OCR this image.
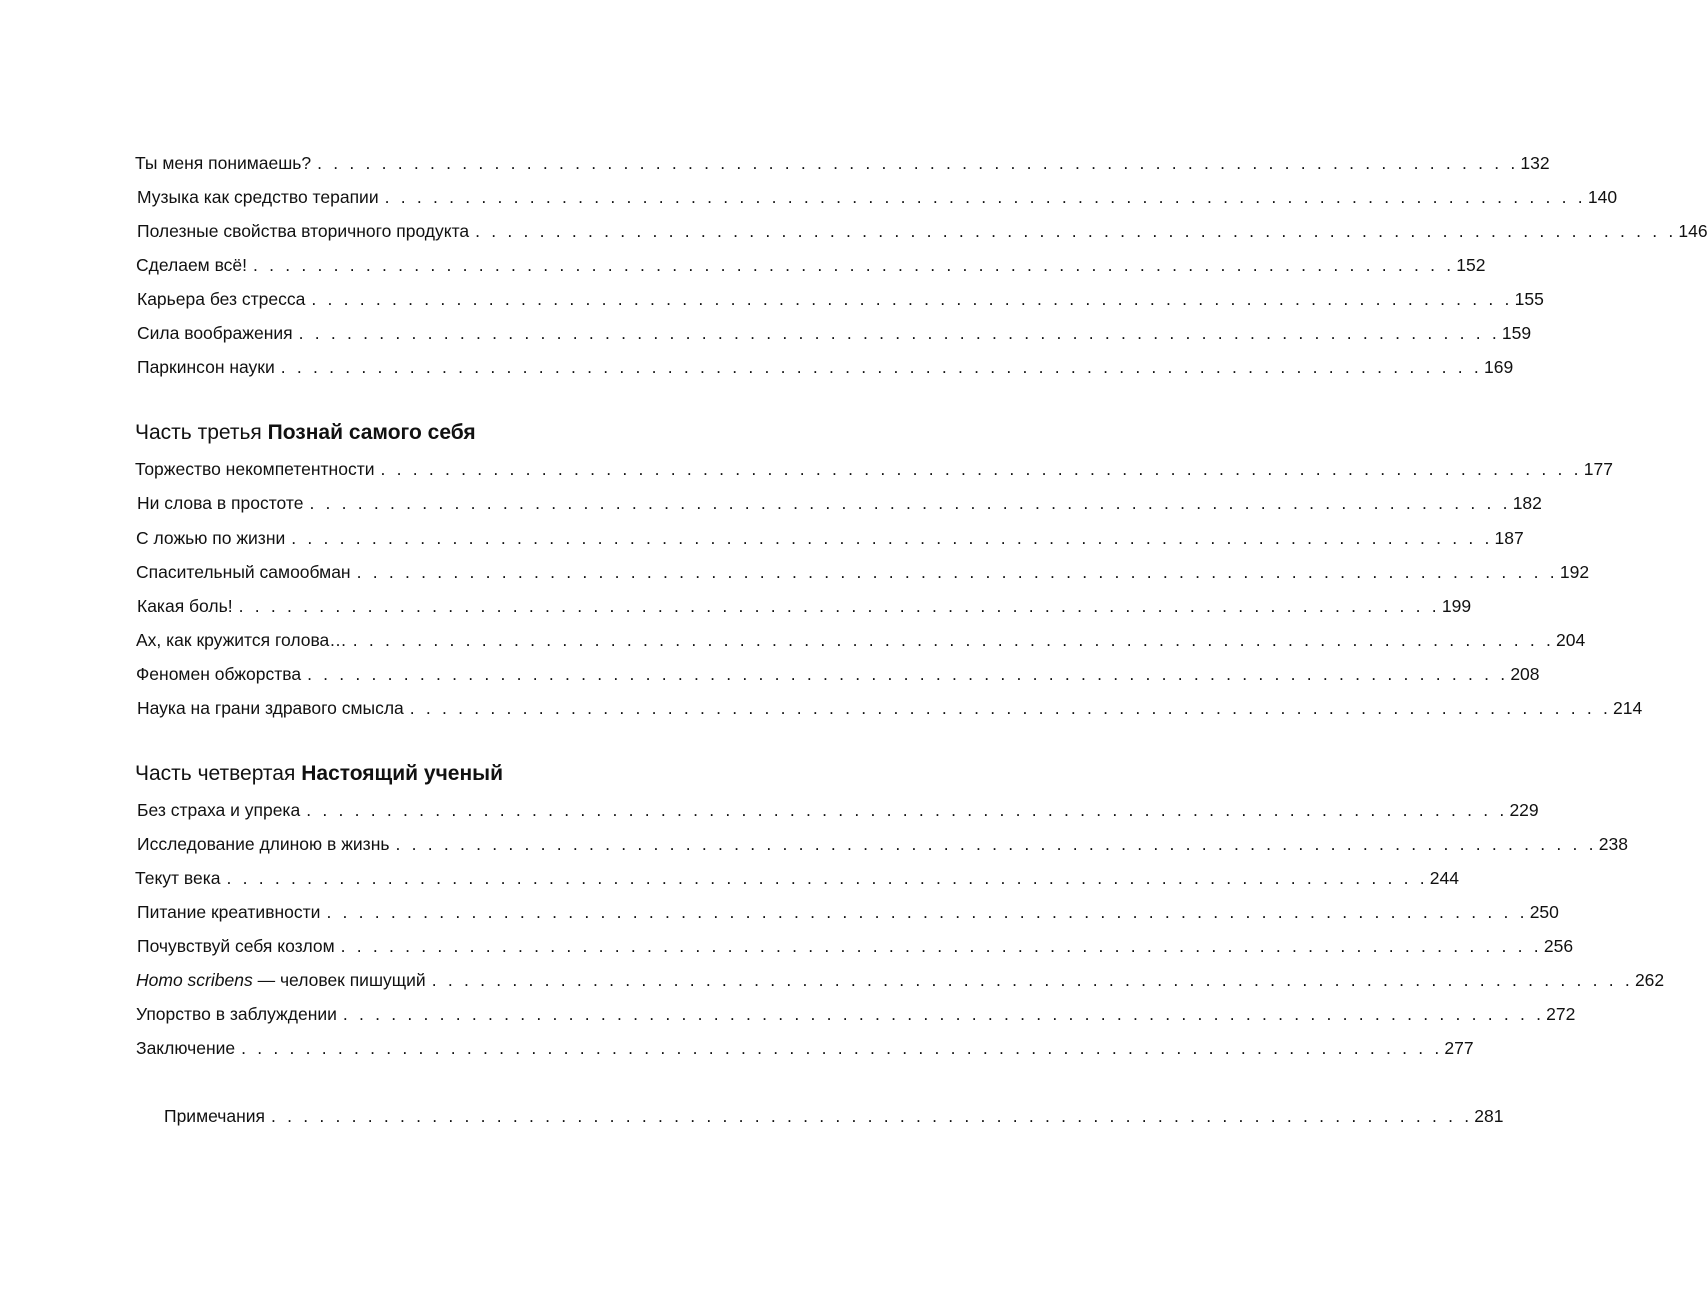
Ты меня понимаешь? . . . . . . . . . . . . . . . . . . . . . . . . . . . . . . . . . . . . . . . . . . . . . . . . . . . . . . . . . . . . . . . . . . . . . . . . . . . 132
Музыка как средство терапии . . . . . . . . . . . . . . . . . . . . . . . . . . . . . . . . . . . . . . . . . . . . . . . . . . . . . . . . . . . . . . . . . . . . . . . . . . . 140
Полезные свойства вторичного продукта . . . . . . . . . . . . . . . . . . . . . . . . . . . . . . . . . . . . . . . . . . . . . . . . . . . . . . . . . . . . . . . . . . . . . . . . . . . 146
Сделаем всё! . . . . . . . . . . . . . . . . . . . . . . . . . . . . . . . . . . . . . . . . . . . . . . . . . . . . . . . . . . . . . . . . . . . . . . . . . . . 152
Карьера без стресса . . . . . . . . . . . . . . . . . . . . . . . . . . . . . . . . . . . . . . . . . . . . . . . . . . . . . . . . . . . . . . . . . . . . . . . . . . . 155
Сила воображения . . . . . . . . . . . . . . . . . . . . . . . . . . . . . . . . . . . . . . . . . . . . . . . . . . . . . . . . . . . . . . . . . . . . . . . . . . . 159
Паркинсон науки . . . . . . . . . . . . . . . . . . . . . . . . . . . . . . . . . . . . . . . . . . . . . . . . . . . . . . . . . . . . . . . . . . . . . . . . . . . 169
Часть третья Познай самого себя
Торжество некомпетентности . . . . . . . . . . . . . . . . . . . . . . . . . . . . . . . . . . . . . . . . . . . . . . . . . . . . . . . . . . . . . . . . . . . . . . . . . . . 177
Ни слова в простоте . . . . . . . . . . . . . . . . . . . . . . . . . . . . . . . . . . . . . . . . . . . . . . . . . . . . . . . . . . . . . . . . . . . . . . . . . . . 182
С ложью по жизни . . . . . . . . . . . . . . . . . . . . . . . . . . . . . . . . . . . . . . . . . . . . . . . . . . . . . . . . . . . . . . . . . . . . . . . . . . . 187
Спасительный самообман . . . . . . . . . . . . . . . . . . . . . . . . . . . . . . . . . . . . . . . . . . . . . . . . . . . . . . . . . . . . . . . . . . . . . . . . . . . 192
Какая боль! . . . . . . . . . . . . . . . . . . . . . . . . . . . . . . . . . . . . . . . . . . . . . . . . . . . . . . . . . . . . . . . . . . . . . . . . . . . 199
Ах, как кружится голова… . . . . . . . . . . . . . . . . . . . . . . . . . . . . . . . . . . . . . . . . . . . . . . . . . . . . . . . . . . . . . . . . . . . . . . . . . . . 204
Феномен обжорства . . . . . . . . . . . . . . . . . . . . . . . . . . . . . . . . . . . . . . . . . . . . . . . . . . . . . . . . . . . . . . . . . . . . . . . . . . . 208
Наука на грани здравого смысла . . . . . . . . . . . . . . . . . . . . . . . . . . . . . . . . . . . . . . . . . . . . . . . . . . . . . . . . . . . . . . . . . . . . . . . . . . . 214
Часть четвертая Настоящий ученый
Без страха и упрека . . . . . . . . . . . . . . . . . . . . . . . . . . . . . . . . . . . . . . . . . . . . . . . . . . . . . . . . . . . . . . . . . . . . . . . . . . . 229
Исследование длиною в жизнь . . . . . . . . . . . . . . . . . . . . . . . . . . . . . . . . . . . . . . . . . . . . . . . . . . . . . . . . . . . . . . . . . . . . . . . . . . . 238
Текут века . . . . . . . . . . . . . . . . . . . . . . . . . . . . . . . . . . . . . . . . . . . . . . . . . . . . . . . . . . . . . . . . . . . . . . . . . . . 244
Питание креативности . . . . . . . . . . . . . . . . . . . . . . . . . . . . . . . . . . . . . . . . . . . . . . . . . . . . . . . . . . . . . . . . . . . . . . . . . . . 250
Почувствуй себя козлом . . . . . . . . . . . . . . . . . . . . . . . . . . . . . . . . . . . . . . . . . . . . . . . . . . . . . . . . . . . . . . . . . . . . . . . . . . . 256
Homo scribens — человек пишущий . . . . . . . . . . . . . . . . . . . . . . . . . . . . . . . . . . . . . . . . . . . . . . . . . . . . . . . . . . . . . . . . . . . . . . . . . . . 262
Упорство в заблуждении . . . . . . . . . . . . . . . . . . . . . . . . . . . . . . . . . . . . . . . . . . . . . . . . . . . . . . . . . . . . . . . . . . . . . . . . . . . 272
Заключение . . . . . . . . . . . . . . . . . . . . . . . . . . . . . . . . . . . . . . . . . . . . . . . . . . . . . . . . . . . . . . . . . . . . . . . . . . . 277
Примечания . . . . . . . . . . . . . . . . . . . . . . . . . . . . . . . . . . . . . . . . . . . . . . . . . . . . . . . . . . . . . . . . . . . . . . . . . . . 281
